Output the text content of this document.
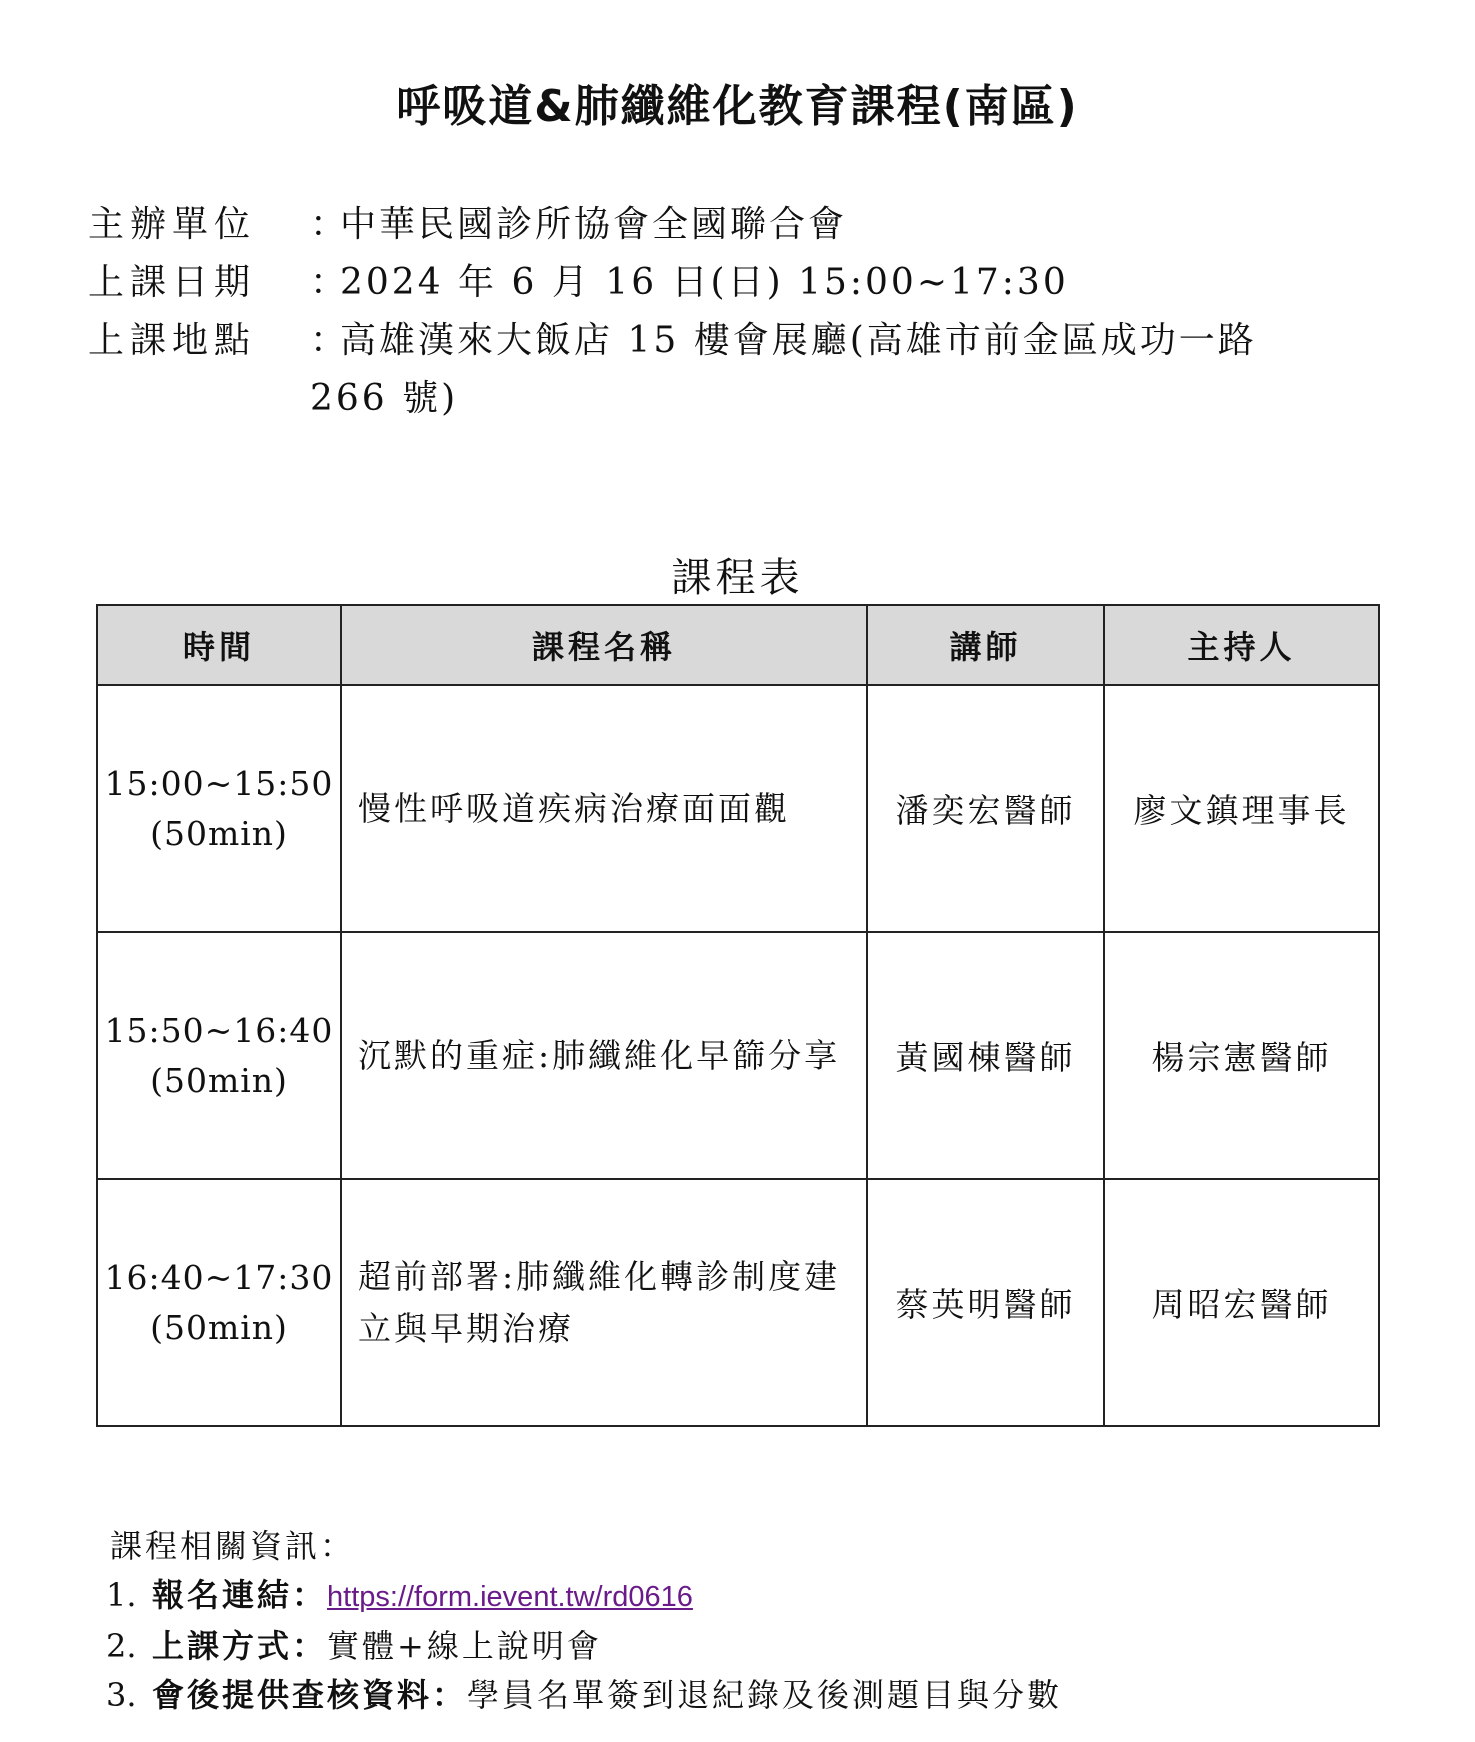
呼吸道&肺纖維化教育課程(南區)
主辦單位	：
中華民國診所協會全國聯合會
上課日期	：
2024 年 6 月 16 日(日) 15:00~17:30
上課地點	：
高雄漢來大飯店 15 樓會展廳(高雄市前金區成功一路
266 號)
課程表
時間	課程名稱	講師	主持人

15:00~15:50
(50min)	慢性呼吸道疾病治療面面觀	潘奕宏醫師	廖文鎮理事長

15:50~16:40
(50min)	沉默的重症:肺纖維化早篩分享	黃國棟醫師	楊宗憲醫師

16:40~17:30
(50min)	超前部署:肺纖維化轉診制度建立與早期治療	蔡英明醫師	周昭宏醫師
課程相關資訊：
1. 報名連結：https://form.ievent.tw/rd0616
2. 上課方式：實體+線上說明會
3. 會後提供查核資料：學員名單簽到退紀錄及後測題目與分數
